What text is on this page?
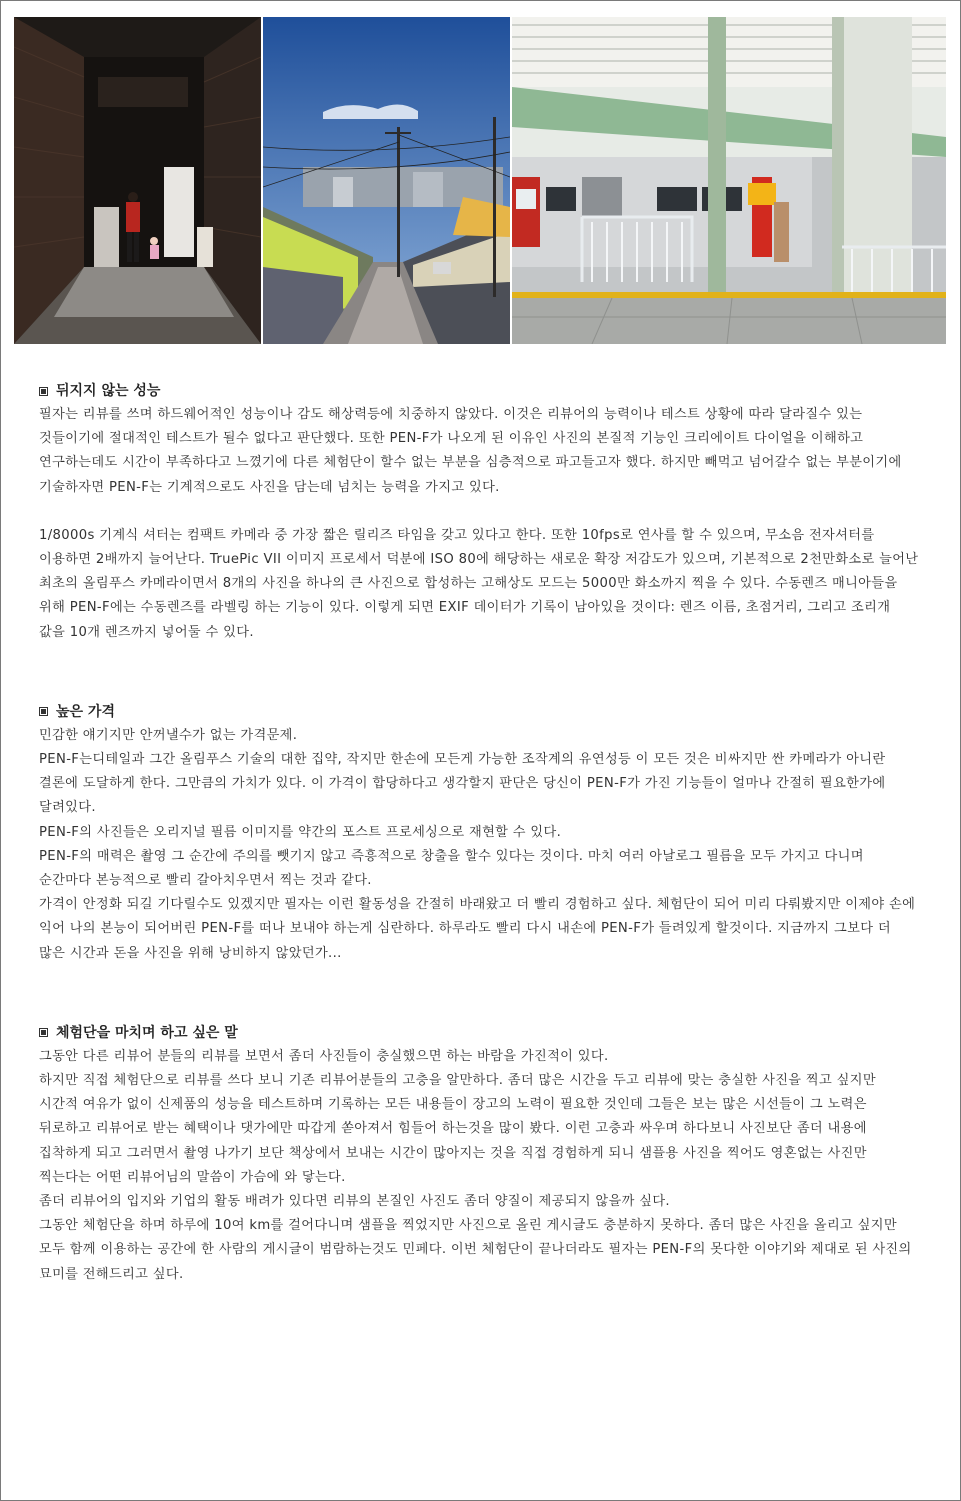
뒤지지 않는 성능

필자는 리뷰를 쓰며 하드웨어적인 성능이나 감도 해상력등에 치중하지 않았다. 이것은 리뷰어의 능력이나 테스트 상황에 따라 달라질수 있는 것들이기에 절대적인 테스트가 될수 없다고 판단했다. 또한 PEN-F가 나오게 된 이유인 사진의 본질적 기능인 크리에이트 다이얼을 이해하고 연구하는데도 시간이 부족하다고 느꼈기에 다른 체험단이 할수 없는 부분을 심층적으로 파고들고자 했다. 하지만 빼먹고 넘어갈수 없는 부분이기에 기술하자면 PEN-F는 기계적으로도 사진을 담는데 넘치는 능력을 가지고 있다.

1/8000s 기계식 셔터는 컴팩트 카메라 중 가장 짧은 릴리즈 타임을 갖고 있다고 한다. 또한 10fps로 연사를 할 수 있으며, 무소음 전자셔터를 이용하면 2배까지 늘어난다. TruePic VII 이미지 프로세서 덕분에 ISO 80에 해당하는 새로운 확장 저감도가 있으며, 기본적으로 2천만화소로 늘어난 최초의 올림푸스 카메라이면서 8개의 사진을 하나의 큰 사진으로 합성하는 고해상도 모드는 5000만 화소까지 찍을 수 있다. 수동렌즈 매니아들을 위해 PEN-F에는 수동렌즈를 라벨링 하는 기능이 있다. 이렇게 되면 EXIF 데이터가 기록이 남아있을 것이다: 렌즈 이름, 초점거리, 그리고 조리개 값을 10개 렌즈까지 넣어둘 수 있다.

높은 가격

민감한 얘기지만 안꺼낼수가 없는 가격문제.

PEN-F는디테일과 그간 올림푸스 기술의 대한 집약, 작지만 한손에 모든게 가능한 조작계의 유연성등 이 모든 것은 비싸지만 싼 카메라가 아니란 결론에 도달하게 한다. 그만큼의 가치가 있다. 이 가격이 합당하다고 생각할지 판단은 당신이 PEN-F가 가진 기능들이 얼마나 간절히 필요한가에 달려있다.

PEN-F의 사진들은 오리지널 필름 이미지를 약간의 포스트 프로세싱으로 재현할 수 있다.

PEN-F의 매력은 촬영 그 순간에 주의를 뺏기지 않고 즉흥적으로 창출을 할수 있다는 것이다. 마치 여러 아날로그 필름을 모두 가지고 다니며 순간마다 본능적으로 빨리 갈아치우면서 찍는 것과 같다.

가격이 안정화 되길 기다릴수도 있겠지만 필자는 이런 활동성을 간절히 바래왔고 더 빨리 경험하고 싶다. 체험단이 되어 미리 다뤄봤지만 이제야 손에 익어 나의 본능이 되어버린 PEN-F를 떠나 보내야 하는게 심란하다. 하루라도 빨리 다시 내손에 PEN-F가 들려있게 할것이다. 지금까지 그보다 더 많은 시간과 돈을 사진을 위해 낭비하지 않았던가...

체험단을 마치며 하고 싶은 말

그동안 다른 리뷰어 분들의 리뷰를 보면서 좀더 사진들이 충실했으면 하는 바람을 가진적이 있다.

하지만 직접 체험단으로 리뷰를 쓰다 보니 기존 리뷰어분들의 고충을 알만하다. 좀더 많은 시간을 두고 리뷰에 맞는 충실한 사진을 찍고 싶지만 시간적 여유가 없이 신제품의 성능을 테스트하며 기록하는 모든 내용들이 장고의 노력이 필요한 것인데 그들은 보는 많은 시선들이 그 노력은 뒤로하고 리뷰어로 받는 혜택이나 댓가에만 따갑게 쏟아져서 힘들어 하는것을 많이 봤다. 이런 고충과 싸우며 하다보니 사진보단 좀더 내용에 집착하게 되고 그러면서 촬영 나가기 보단 책상에서 보내는 시간이 많아지는 것을 직접 경험하게 되니 샘플용 사진을 찍어도 영혼없는 사진만 찍는다는 어떤 리뷰어님의 말씀이 가슴에 와 닿는다.

좀더 리뷰어의 입지와 기업의 활동 배려가 있다면 리뷰의 본질인 사진도 좀더 양질이 제공되지 않을까 싶다.

그동안 체험단을 하며 하루에 10여 km를 걸어다니며 샘플을 찍었지만 사진으로 올린 게시글도 충분하지 못하다. 좀더 많은 사진을 올리고 싶지만 모두 함께 이용하는 공간에 한 사람의 게시글이 범람하는것도 민페다. 이번 체험단이 끝나더라도 필자는 PEN-F의 못다한 이야기와 제대로 된 사진의 묘미를 전해드리고 싶다.
